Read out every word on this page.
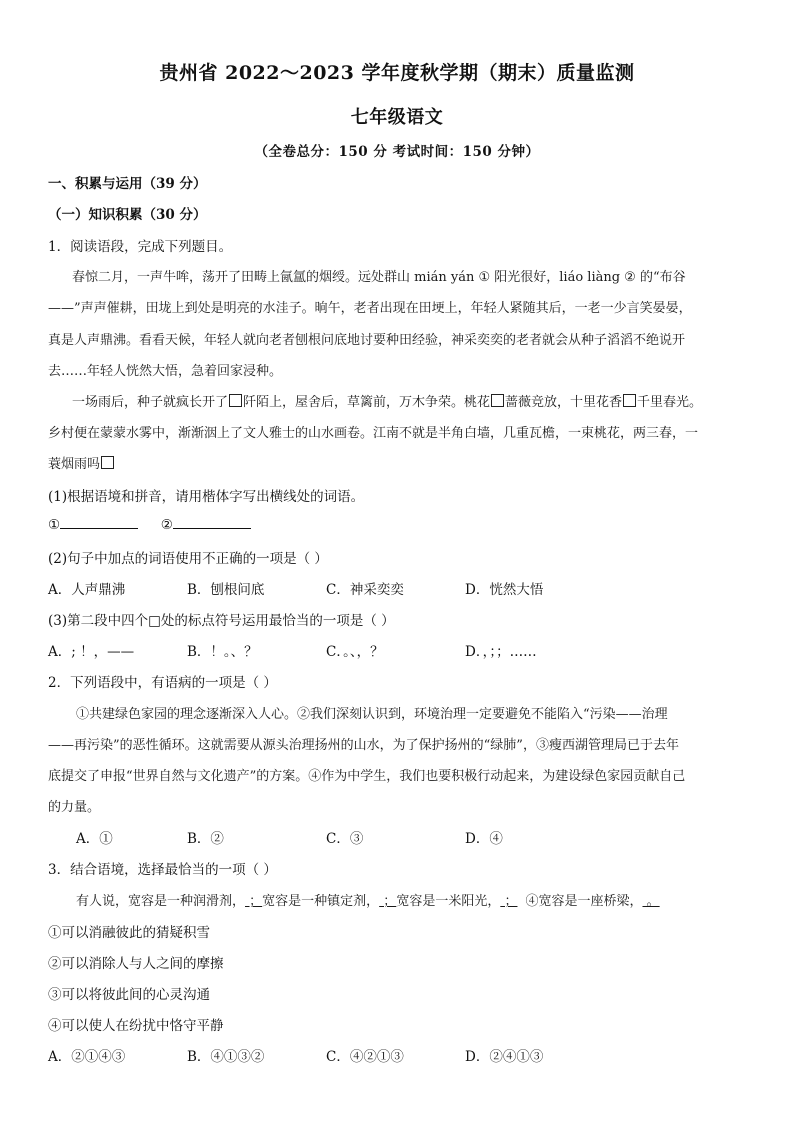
贵州省 2022～2023 学年度秋学期（期末）质量监测
七年级语文
（全卷总分：150 分 考试时间：150 分钟）
一、积累与运用（39 分）
（一）知识积累（30 分）
1．阅读语段，完成下列题目。
春惊二月，一声牛哞，荡开了田畴上氤氲的烟绶。远处群山 mián yán ① 阳光很好，liáo liàng ② 的“布谷
——”声声催耕，田垅上到处是明亮的水洼子。晌午，老者出现在田埂上，年轻人紧随其后，一老一少言笑晏晏，
真是人声鼎沸。看看天候，年轻人就向老者刨根问底地讨要种田经验，神采奕奕的老者就会从种子滔滔不绝说开
去……年轻人恍然大悟，急着回家浸种。
一场雨后，种子就疯长开了 阡陌上，屋舍后，草篱前，万木争荣。桃花 蔷薇竞放，十里花香 千里春光。
乡村便在蒙蒙水雾中，渐渐洇上了文人雅士的山水画卷。江南不就是半角白墙，几重瓦檐，一束桃花，两三春，一
蓑烟雨吗
(1)根据语境和拼音，请用楷体字写出横线处的词语。
①	②
(2)句子中加点的词语使用不正确的一项是（ ）
A．人声鼎沸	B．刨根问底	C．神采奕奕	D．恍然大悟
(3)第二段中四个□处的标点符号运用最恰当的一项是（ ）
A．; ！，——	B．！。、？	C．。、，？	D．，；；……
2．下列语段中，有语病的一项是（ ）
①共建绿色家园的理念逐渐深入人心。②我们深刻认识到，环境治理一定要避免不能陷入“污染——治理
——再污染”的恶性循环。这就需要从源头治理扬州的山水，为了保护扬州的“绿肺”，③瘦西湖管理局已于去年
底提交了申报“世界自然与文化遗产”的方案。④作为中学生，我们也要积极行动起来，为建设绿色家园贡献自己
的力量。
A．①	B．②	C．③	D．④
3．结合语境，选择最恰当的一项（ ）
有人说，宽容是一种润滑剂， ；宽容是一种镇定剂， ；宽容是一米阳光， ； ④宽容是一座桥梁， 。
①可以消融彼此的猜疑积雪
②可以消除人与人之间的摩擦
③可以将彼此间的心灵沟通
④可以使人在纷扰中恪守平静
A．②①④③	B．④①③②	C．④②①③	D．②④①③
